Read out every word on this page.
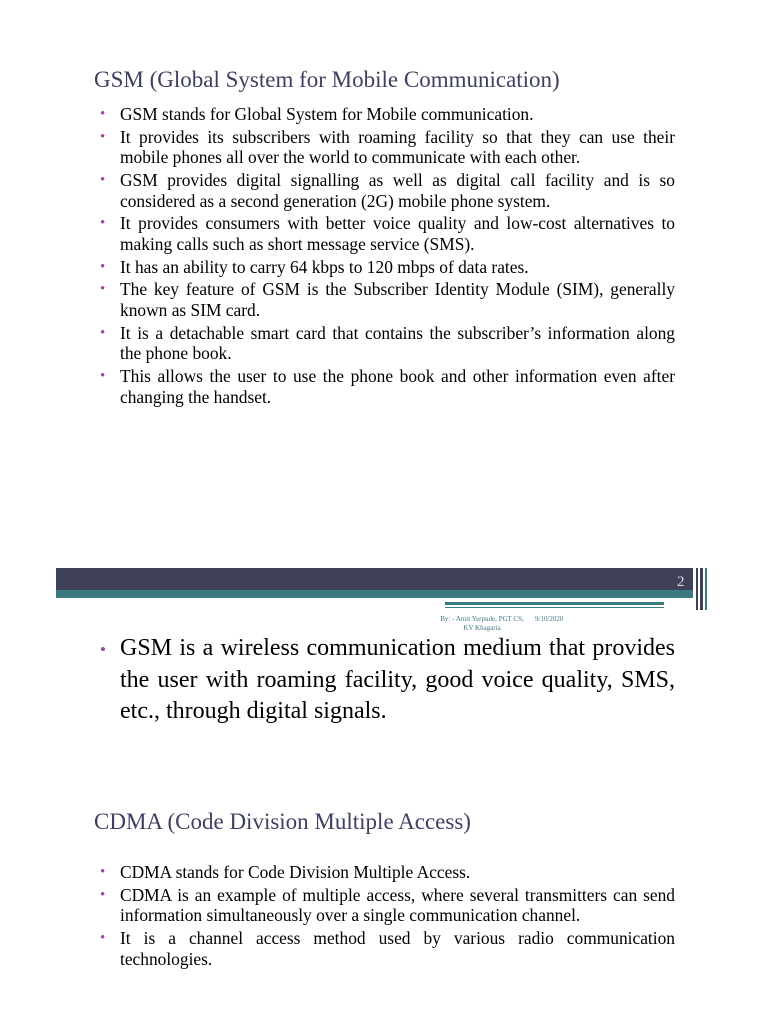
GSM (Global System for Mobile Communication)
• GSM stands for Global System for Mobile communication.
• It provides its subscribers with roaming facility so that they can use their mobile phones all over the world to communicate with each other.
• GSM provides digital signalling as well as digital call facility and is so considered as a second generation (2G) mobile phone system.
• It provides consumers with better voice quality and low-cost alternatives to making calls such as short message service (SMS).
• It has an ability to carry 64 kbps to 120 mbps of data rates.
• The key feature of GSM is the Subscriber Identity Module (SIM), generally known as SIM card.
• It is a detachable smart card that contains the subscriber’s information along the phone book.
• This allows the user to use the phone book and other information even after changing the handset.
2
By: - Amit Yerpude, PGT CS, KV Khagaria
9/10/2020
• GSM is a wireless communication medium that provides the user with roaming facility, good voice quality, SMS, etc., through digital signals.
CDMA (Code Division Multiple Access)
• CDMA stands for Code Division Multiple Access.
• CDMA is an example of multiple access, where several transmitters can send information simultaneously over a single communication channel.
• It is a channel access method used by various radio communication technologies.
